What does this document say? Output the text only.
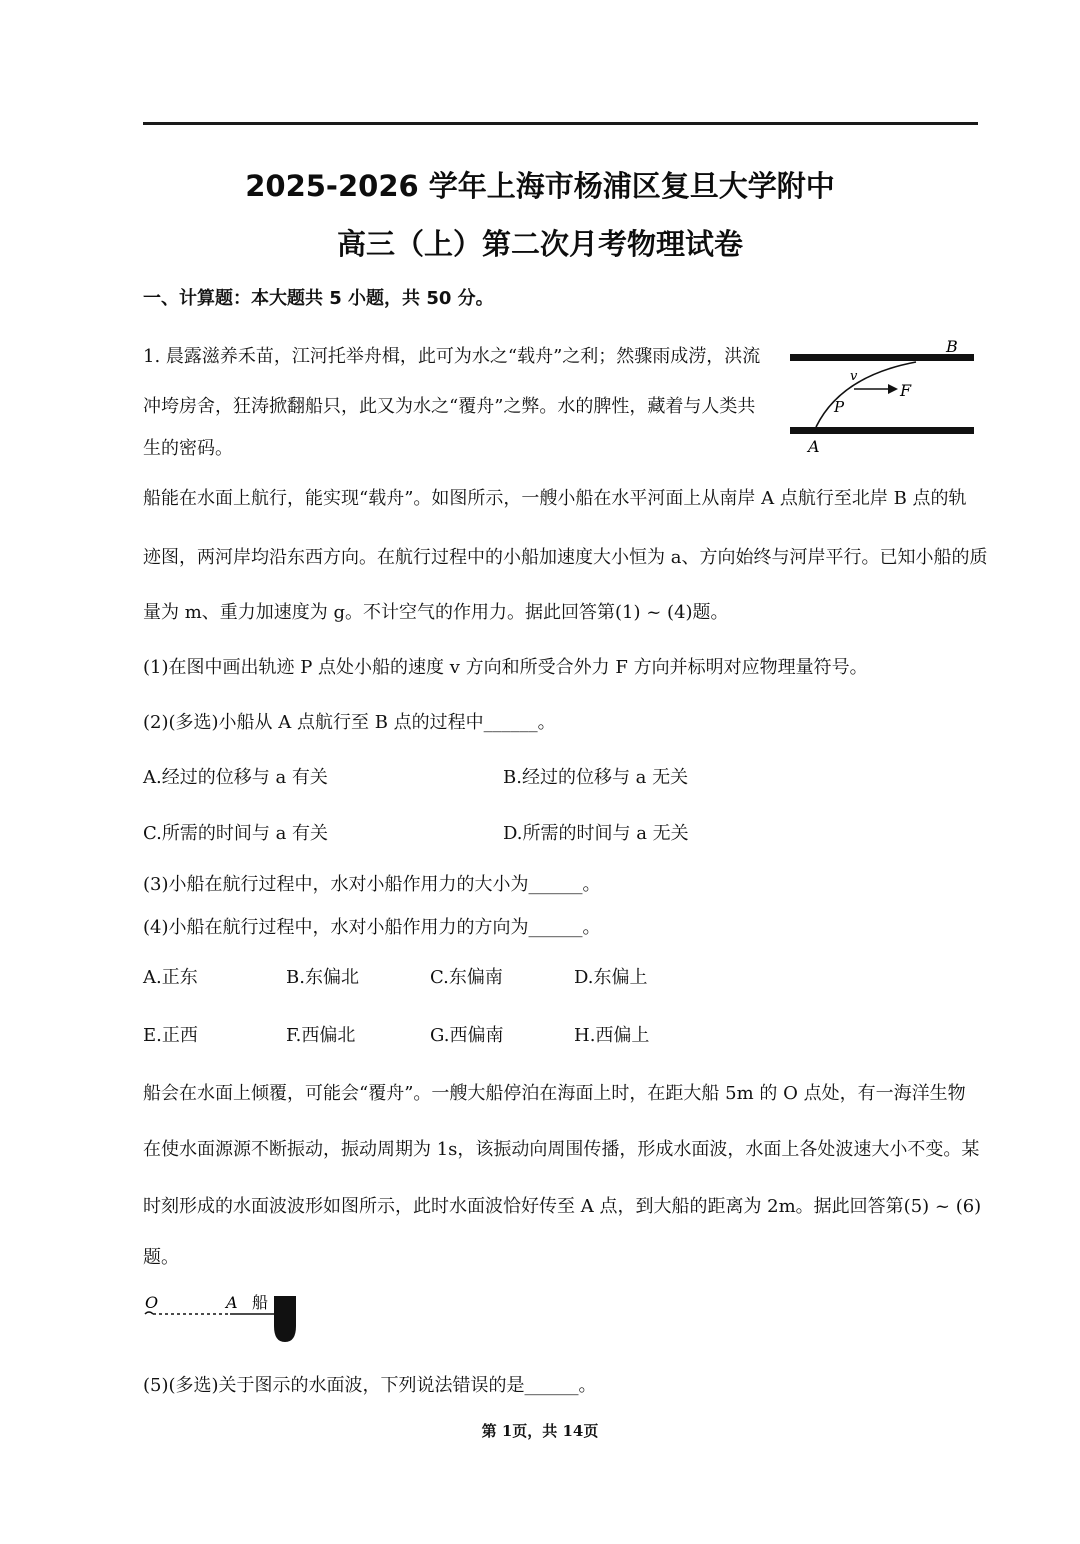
2025-2026 学年上海市杨浦区复旦大学附中
高三（上）第二次月考物理试卷
一、计算题：本大题共 5 小题，共 50 分。
1. 晨露滋养禾苗，江河托举舟楫，此可为水之“载舟”之利；然骤雨成涝，洪流
冲垮房舍，狂涛掀翻船只，此又为水之“覆舟”之弊。水的脾性，藏着与人类共
生的密码。
B
A
P
v
F
船能在水面上航行，能实现“载舟”。如图所示，一艘小船在水平河面上从南岸 A 点航行至北岸 B 点的轨
迹图，两河岸均沿东西方向。在航行过程中的小船加速度大小恒为 a、方向始终与河岸平行。已知小船的质
量为 m、重力加速度为 g。不计空气的作用力。据此回答第(1) ~ (4)题。
(1)在图中画出轨迹 P 点处小船的速度 v 方向和所受合外力 F 方向并标明对应物理量符号。
(2)(多选)小船从 A 点航行至 B 点的过程中______。
A.经过的位移与 a 有关	B.经过的位移与 a 无关
C.所需的时间与 a 有关	D.所需的时间与 a 无关
(3)小船在航行过程中，水对小船作用力的大小为______。
(4)小船在航行过程中，水对小船作用力的方向为______。
A.正东	B.东偏北	C.东偏南	D.东偏上
E.正西	F.西偏北	G.西偏南	H.西偏上
船会在水面上倾覆，可能会“覆舟”。一艘大船停泊在海面上时，在距大船 5m 的 O 点处，有一海洋生物
在使水面源源不断振动，振动周期为 1s，该振动向周围传播，形成水面波，水面上各处波速大小不变。某
时刻形成的水面波波形如图所示，此时水面波恰好传至 A 点，到大船的距离为 2m。据此回答第(5) ~ (6)
题。
O	A 船
(5)(多选)关于图示的水面波，下列说法错误的是______。
第 1页，共 14页
